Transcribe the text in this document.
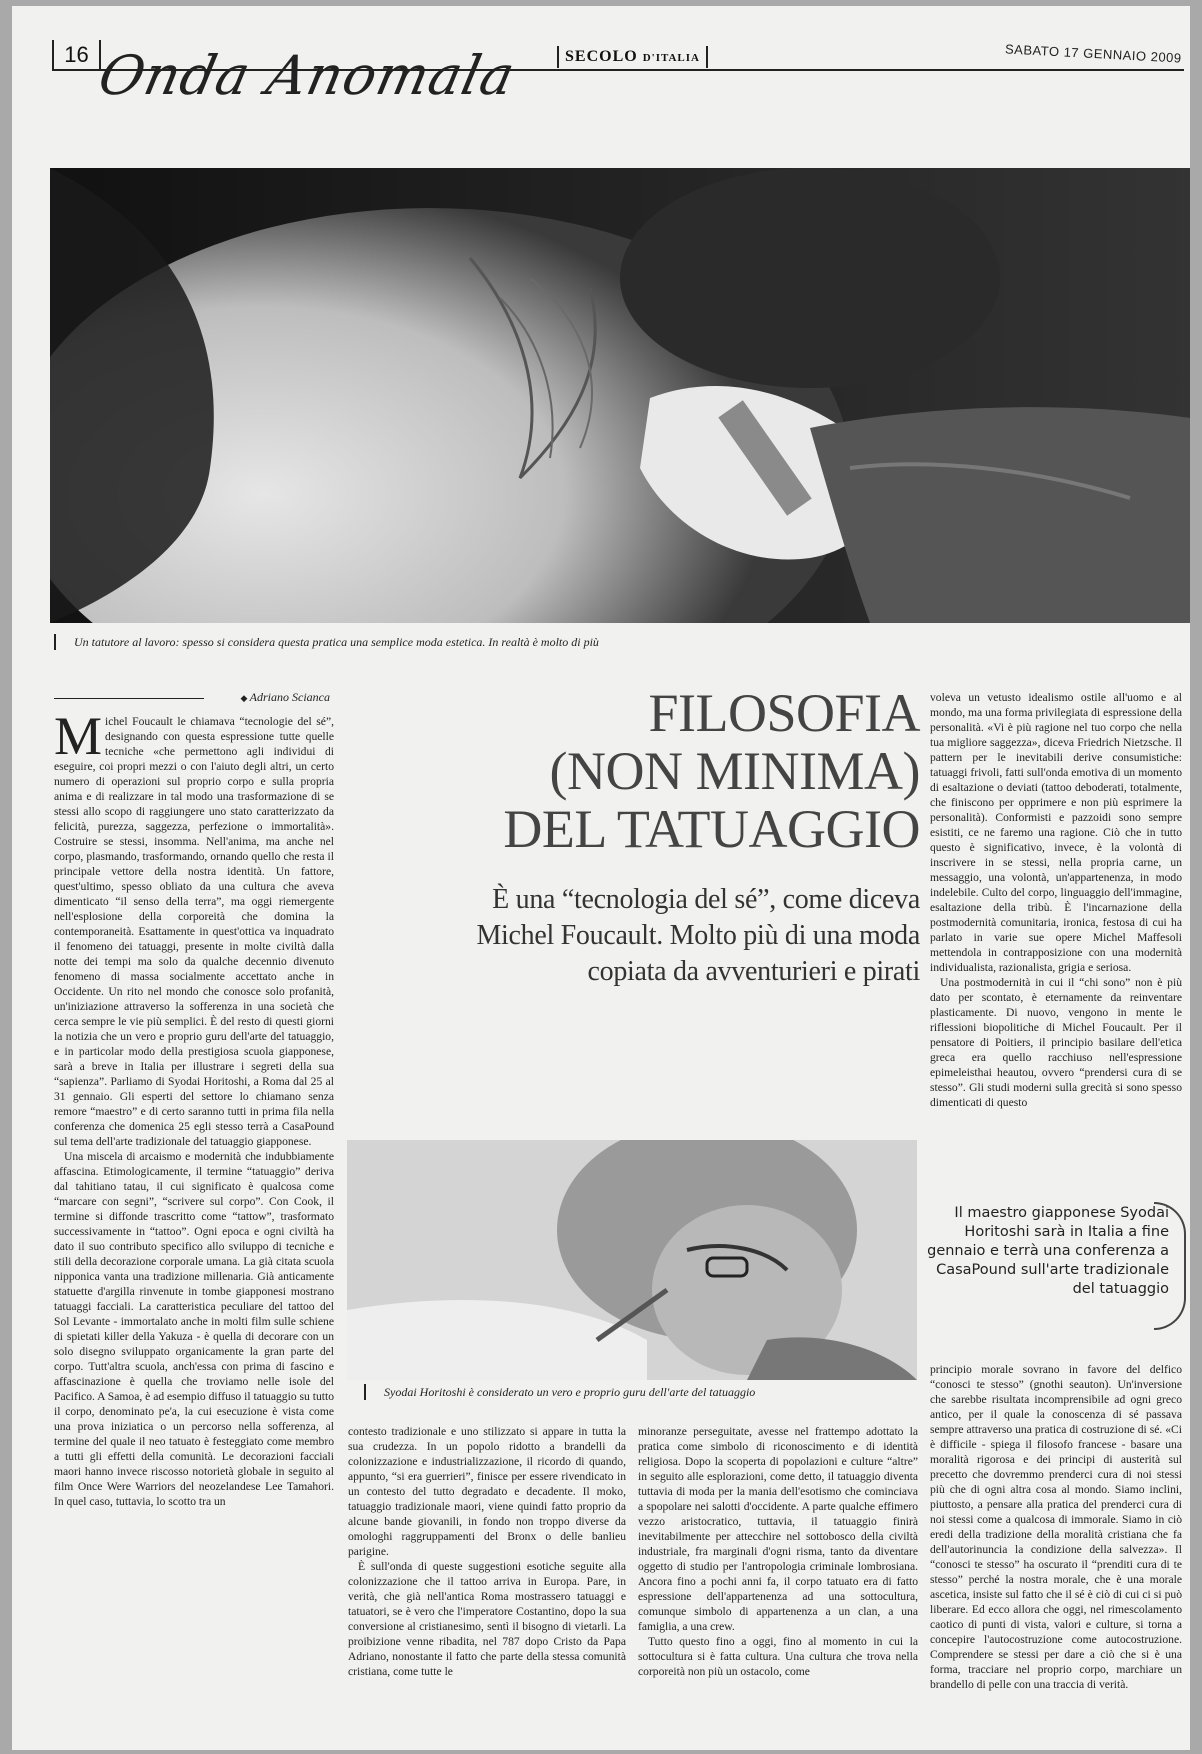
16 Onda Anomala	SECOLO D'ITALIA	SABATO 17 GENNAIO 2009
Un tatutore al lavoro: spesso si considera questa pratica una semplice moda estetica. In realtà è molto di più
◆ Adriano Scianca

Michel Foucault le chiamava “tecnologie del sé”, designando con questa espressione tutte quelle tecniche «che permettono agli individui di eseguire, coi propri mezzi o con l'aiuto degli altri, un certo numero di operazioni sul proprio corpo e sulla propria anima e di realizzare in tal modo una trasformazione di se stessi allo scopo di raggiungere uno stato caratterizzato da felicità, purezza, saggezza, perfezione o immortalità». Costruire se stessi, insomma. Nell'anima, ma anche nel corpo, plasmando, trasformando, ornando quello che resta il principale vettore della nostra identità. Un fattore, quest'ultimo, spesso obliato da una cultura che aveva dimenticato “il senso della terra”, ma oggi riemergente nell'esplosione della corporeità che domina la contemporaneità. Esattamente in quest'ottica va inquadrato il fenomeno dei tatuaggi, presente in molte civiltà dalla notte dei tempi ma solo da qualche decennio divenuto fenomeno di massa socialmente accettato anche in Occidente. Un rito nel mondo che conosce solo profanità, un'iniziazione attraverso la sofferenza in una società che cerca sempre le vie più semplici. È del resto di questi giorni la notizia che un vero e proprio guru dell'arte del tatuaggio, e in particolar modo della prestigiosa scuola giapponese, sarà a breve in Italia per illustrare i segreti della sua “sapienza”. Parliamo di Syodai Horitoshi, a Roma dal 25 al 31 gennaio. Gli esperti del settore lo chiamano senza remore “maestro” e di certo saranno tutti in prima fila nella conferenza che domenica 25 egli stesso terrà a CasaPound sul tema dell'arte tradizionale del tatuaggio giapponese.

Una miscela di arcaismo e modernità che indubbiamente affascina. Etimologicamente, il termine “tatuaggio” deriva dal tahitiano tatau, il cui significato è qualcosa come “marcare con segni”, “scrivere sul corpo”. Con Cook, il termine si diffonde trascritto come “tattow”, trasformato successivamente in “tattoo”. Ogni epoca e ogni civiltà ha dato il suo contributo specifico allo sviluppo di tecniche e stili della decorazione corporale umana. La già citata scuola nipponica vanta una tradizione millenaria. Già anticamente statuette d'argilla rinvenute in tombe giapponesi mostrano tatuaggi facciali. La caratteristica peculiare del tattoo del Sol Levante - immortalato anche in molti film sulle schiene di spietati killer della Yakuza - è quella di decorare con un solo disegno sviluppato organicamente la gran parte del corpo. Tutt'altra scuola, anch'essa con prima di fascino e affascinazione è quella che troviamo nelle isole del Pacifico. A Samoa, è ad esempio diffuso il tatuaggio su tutto il corpo, denominato pe'a, la cui esecuzione è vista come una prova iniziatica o un percorso nella sofferenza, al termine del quale il neo tatuato è festeggiato come membro a tutti gli effetti della comunità. Le decorazioni facciali maori hanno invece riscosso notorietà globale in seguito al film Once Were Warriors del neozelandese Lee Tamahori. In quel caso, tuttavia, lo scotto tra un

FILOSOFIA
(NON MINIMA)
DEL TATUAGGIO
È una “tecnologia del sé”, come diceva Michel Foucault. Molto più di una moda copiata da avventurieri e pirati
Syodai Horitoshi è considerato un vero e proprio guru dell'arte del tatuaggio

contesto tradizionale e uno stilizzato si appare in tutta la sua crudezza. In un popolo ridotto a brandelli da colonizzazione e industrializzazione, il ricordo di quando, appunto, “si era guerrieri”, finisce per essere rivendicato in un contesto del tutto degradato e decadente. Il moko, tatuaggio tradizionale maori, viene quindi fatto proprio da alcune bande giovanili, in fondo non troppo diverse da omologhi raggruppamenti del Bronx o delle banlieu parigine.

È sull'onda di queste suggestioni esotiche seguite alla colonizzazione che il tattoo arriva in Europa. Pare, in verità, che già nell'antica Roma mostrassero tatuaggi e tatuatori, se è vero che l'imperatore Costantino, dopo la sua conversione al cristianesimo, sentì il bisogno di vietarli. La proibizione venne ribadita, nel 787 dopo Cristo da Papa Adriano, nonostante il fatto che parte della stessa comunità cristiana, come tutte le

minoranze perseguitate, avesse nel frattempo adottato la pratica come simbolo di riconoscimento e di identità religiosa. Dopo la scoperta di popolazioni e culture “altre” in seguito alle esplorazioni, come detto, il tatuaggio diventa tuttavia di moda per la mania dell'esotismo che cominciava a spopolare nei salotti d'occidente. A parte qualche effimero vezzo aristocratico, tuttavia, il tatuaggio finirà inevitabilmente per attecchire nel sottobosco della civiltà industriale, fra marginali d'ogni risma, tanto da diventare oggetto di studio per l'antropologia criminale lombrosiana. Ancora fino a pochi anni fa, il corpo tatuato era di fatto espressione dell'appartenenza ad una sottocultura, comunque simbolo di appartenenza a un clan, a una famiglia, a una crew.

Tutto questo fino a oggi, fino al momento in cui la sottocultura si è fatta cultura. Una cultura che trova nella corporeità non più un ostacolo, come

voleva un vetusto idealismo ostile all'uomo e al mondo, ma una forma privilegiata di espressione della personalità. «Vi è più ragione nel tuo corpo che nella tua migliore saggezza», diceva Friedrich Nietzsche. Il pattern per le inevitabili derive consumistiche: tatuaggi frivoli, fatti sull'onda emotiva di un momento di esaltazione o deviati (tattoo deboderati, totalmente, che finiscono per opprimere e non più esprimere la personalità). Conformisti e pazzoidi sono sempre esistiti, ce ne faremo una ragione. Ciò che in tutto questo è significativo, invece, è la volontà di inscrivere in se stessi, nella propria carne, un messaggio, una volontà, un'appartenenza, in modo indelebile. Culto del corpo, linguaggio dell'immagine, esaltazione della tribù. È l'incarnazione della postmodernità comunitaria, ironica, festosa di cui ha parlato in varie sue opere Michel Maffesoli mettendola in contrapposizione con una modernità individualista, razionalista, grigia e seriosa.

Una postmodernità in cui il “chi sono” non è più dato per scontato, è eternamente da reinventare plasticamente. Di nuovo, vengono in mente le riflessioni biopolitiche di Michel Foucault. Per il pensatore di Poitiers, il principio basilare dell'etica greca era quello racchiuso nell'espressione epimeleisthai heautou, ovvero “prendersi cura di se stesso”. Gli studi moderni sulla grecità si sono spesso dimenticati di questo

Il maestro giapponese Syodai Horitoshi sarà in Italia a fine gennaio e terrà una conferenza a CasaPound sull'arte tradizionale del tatuaggio

principio morale sovrano in favore del delfico “conosci te stesso” (gnothi seauton). Un'inversione che sarebbe risultata incomprensibile ad ogni greco antico, per il quale la conoscenza di sé passava sempre attraverso una pratica di costruzione di sé. «Ci è difficile - spiega il filosofo francese - basare una moralità rigorosa e dei principi di austerità sul precetto che dovremmo prenderci cura di noi stessi più che di ogni altra cosa al mondo. Siamo inclini, piuttosto, a pensare alla pratica del prenderci cura di noi stessi come a qualcosa di immorale. Siamo in ciò eredi della tradizione della moralità cristiana che fa dell'autorinuncia la condizione della salvezza». Il “conosci te stesso” ha oscurato il “prenditi cura di te stesso” perché la nostra morale, che è una morale ascetica, insiste sul fatto che il sé è ciò di cui ci si può liberare. Ed ecco allora che oggi, nel rimescolamento caotico di punti di vista, valori e culture, si torna a concepire l'autocostruzione come autocostruzione. Comprendere se stessi per dare a ciò che si è una forma, tracciare nel proprio corpo, marchiare un brandello di pelle con una traccia di verità.
